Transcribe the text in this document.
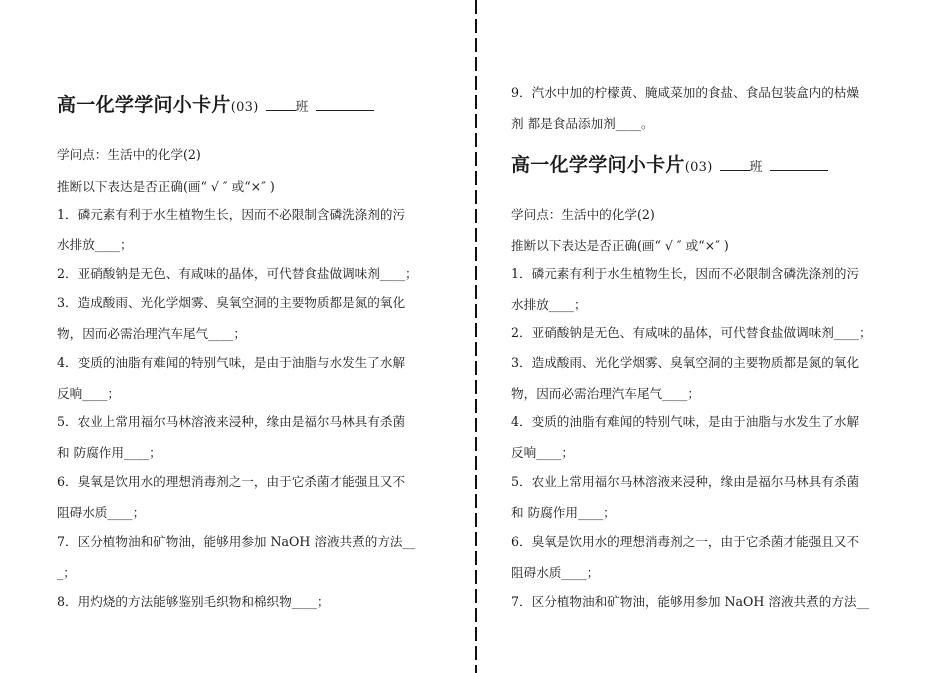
高一化学学问小卡片(03)	班
学问点：生活中的化学(2)
推断以下表达是否正确(画“ √ ″ 或“×″ )
1．磷元素有利于水生植物生长，因而不必限制含磷洗涤剂的污
水排放____；
2．亚硝酸钠是无色、有咸味的晶体，可代替食盐做调味剂____；
3．造成酸雨、光化学烟雾、臭氧空洞的主要物质都是氮的氧化
物，因而必需治理汽车尾气____；
4．变质的油脂有难闻的特别气味，是由于油脂与水发生了水解
反响____；
5．农业上常用福尔马林溶液来浸种，缘由是福尔马林具有杀菌
和 防腐作用____；
6．臭氧是饮用水的理想消毒剂之一，由于它杀菌才能强且又不
阻碍水质____；
7．区分植物油和矿物油，能够用参加 NaOH 溶液共煮的方法__
_；
8．用灼烧的方法能够鉴别毛织物和棉织物____；
9．汽水中加的柠檬黄、腌咸菜加的食盐、食品包装盒内的枯燥
剂 都是食品添加剂____。
高一化学学问小卡片(03)	班
学问点：生活中的化学(2)
推断以下表达是否正确(画“ √ ″ 或“×″ )
1．磷元素有利于水生植物生长，因而不必限制含磷洗涤剂的污
水排放____；
2．亚硝酸钠是无色、有咸味的晶体，可代替食盐做调味剂____；
3．造成酸雨、光化学烟雾、臭氧空洞的主要物质都是氮的氧化
物，因而必需治理汽车尾气____；
4．变质的油脂有难闻的特别气味，是由于油脂与水发生了水解
反响____；
5．农业上常用福尔马林溶液来浸种，缘由是福尔马林具有杀菌
和 防腐作用____；
6．臭氧是饮用水的理想消毒剂之一，由于它杀菌才能强且又不
阻碍水质____；
7．区分植物油和矿物油，能够用参加 NaOH 溶液共煮的方法__
